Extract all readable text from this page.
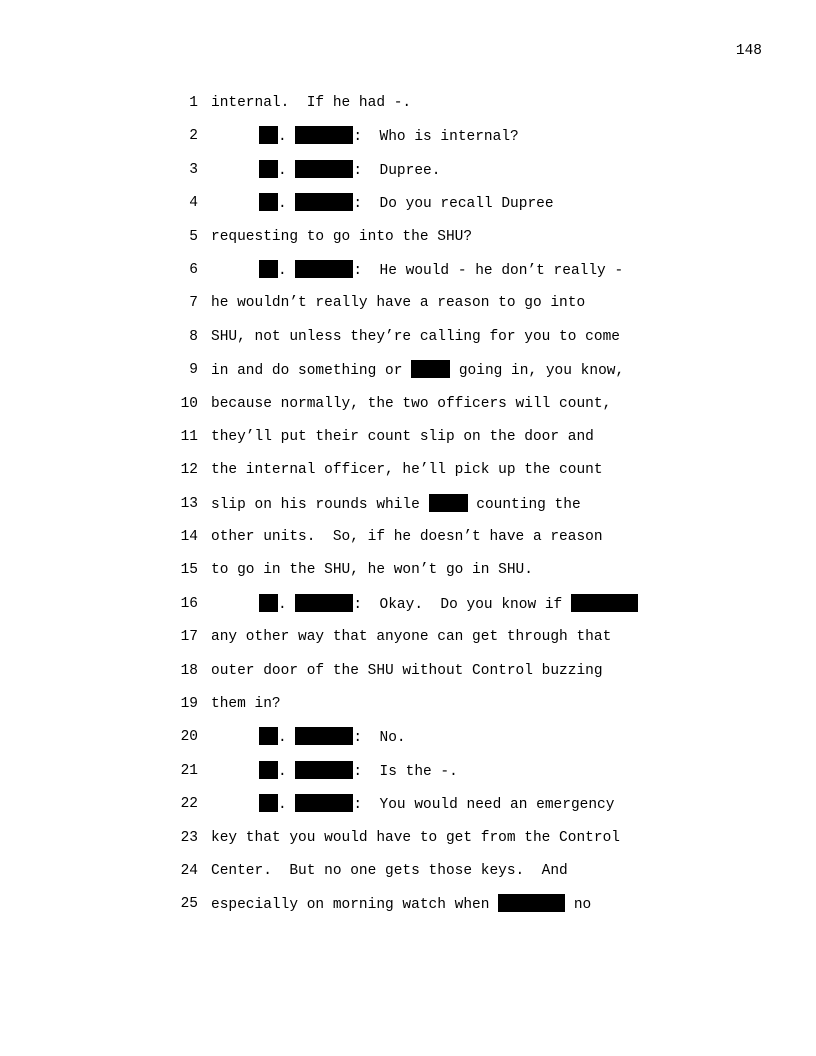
148
1 internal.  If he had -.
2	.	:  Who is internal?
3	.	:  Dupree.
4	.	:  Do you recall Dupree
5 requesting to go into the SHU?
6	.	:  He would - he don’t really -
7 he wouldn’t really have a reason to go into
8 SHU, not unless they’re calling for you to come
9 in and do something or	going in, you know,
10 because normally, the two officers will count,
11 they’ll put their count slip on the door and
12 the internal officer, he’ll pick up the count
13 slip on his rounds while	counting the
14 other units.  So, if he doesn’t have a reason
15 to go in the SHU, he won’t go in SHU.
16	.	:  Okay.  Do you know if
17 any other way that anyone can get through that
18 outer door of the SHU without Control buzzing
19 them in?
20	.	:  No.
21	.	:  Is the -.
22	.	:  You would need an emergency
23 key that you would have to get from the Control
24 Center.  But no one gets those keys.  And
25 especially on morning watch when	no
